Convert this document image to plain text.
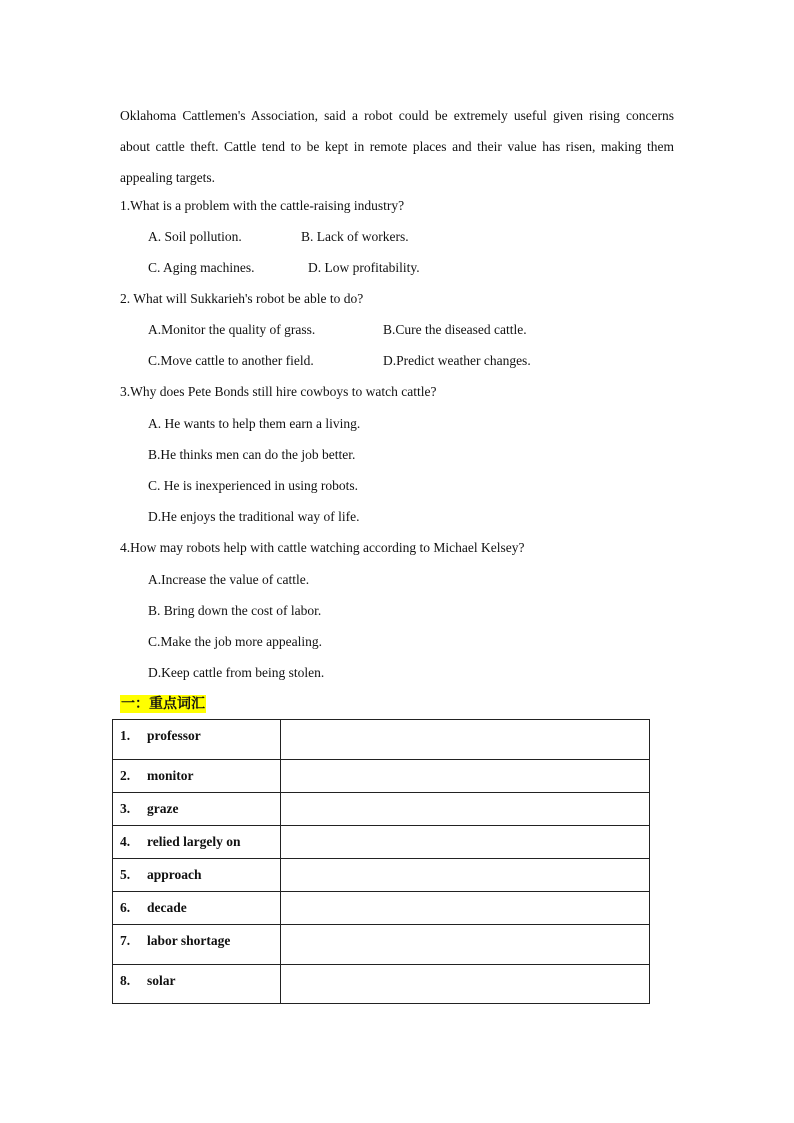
Oklahoma Cattlemen's Association, said a robot could be extremely useful given rising concerns about cattle theft. Cattle tend to be kept in remote places and their value has risen, making them appealing targets.

1.What is a problem with the cattle-raising industry?
A. Soil pollution.	B. Lack of workers.
C. Aging machines.	D. Low profitability.
2. What will Sukkarieh's robot be able to do?
A.Monitor the quality of grass.	B.Cure the diseased cattle.
C.Move cattle to another field.	D.Predict weather changes.
3.Why does Pete Bonds still hire cowboys to watch cattle?
A. He wants to help them earn a living.
B.He thinks men can do the job better.
C. He is inexperienced in using robots.
D.He enjoys the traditional way of life.
4.How may robots help with cattle watching according to Michael Kelsey?
A.Increase the value of cattle.
B. Bring down the cost of labor.
C.Make the job more appealing.
D.Keep cattle from being stolen.
一：重点词汇
1. professor	

2. monitor	

3. graze	

4. relied largely on	

5. approach	

6. decade	

7. labor shortage	

8. solar	
